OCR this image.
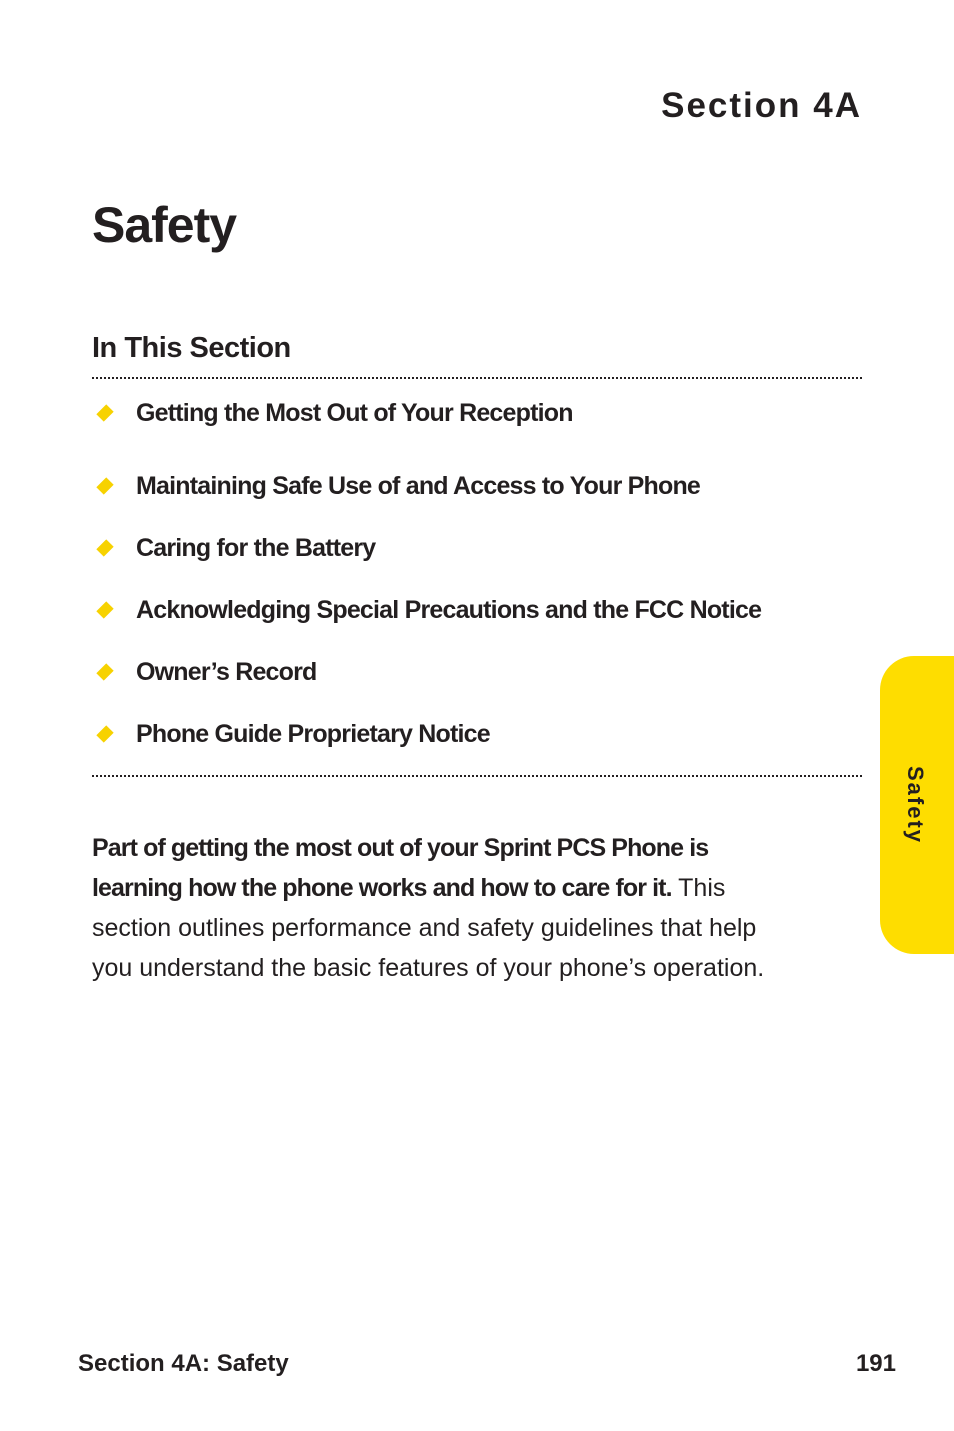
Section 4A
Safety
In This Section
Getting the Most Out of Your Reception
Maintaining Safe Use of and Access to Your Phone
Caring for the Battery
Acknowledging Special Precautions and the FCC Notice
Owner’s Record
Phone Guide Proprietary Notice

Part of getting the most out of your Sprint PCS Phone is learning how the phone works and how to care for it. This section outlines performance and safety guidelines that help you understand the basic features of your phone’s operation.

Safety
Section 4A: Safety	191
